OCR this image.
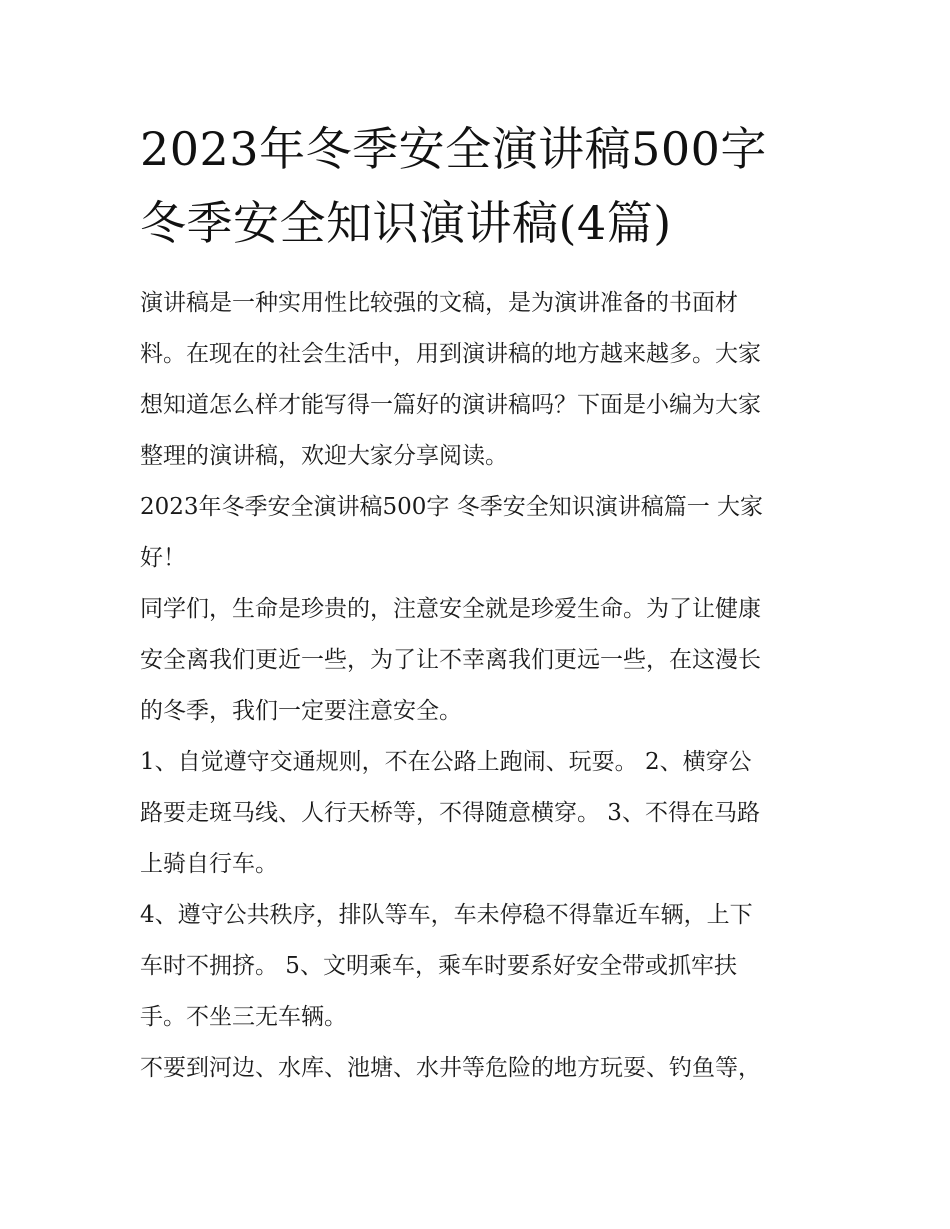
2023年冬季安全演讲稿500字
冬季安全知识演讲稿(4篇)

演讲稿是一种实用性比较强的文稿，是为演讲准备的书面材
料。在现在的社会生活中，用到演讲稿的地方越来越多。大家
想知道怎么样才能写得一篇好的演讲稿吗？下面是小编为大家
整理的演讲稿，欢迎大家分享阅读。

2023年冬季安全演讲稿500字 冬季安全知识演讲稿篇一 大家
好！

同学们，生命是珍贵的，注意安全就是珍爱生命。为了让健康
安全离我们更近一些，为了让不幸离我们更远一些，在这漫长
的冬季，我们一定要注意安全。

1、自觉遵守交通规则，不在公路上跑闹、玩耍。 2、横穿公
路要走斑马线、人行天桥等，不得随意横穿。 3、不得在马路
上骑自行车。

4、遵守公共秩序，排队等车，车未停稳不得靠近车辆，上下
车时不拥挤。 5、文明乘车，乘车时要系好安全带或抓牢扶
手。不坐三无车辆。

不要到河边、水库、池塘、水井等危险的地方玩耍、钓鱼等，
